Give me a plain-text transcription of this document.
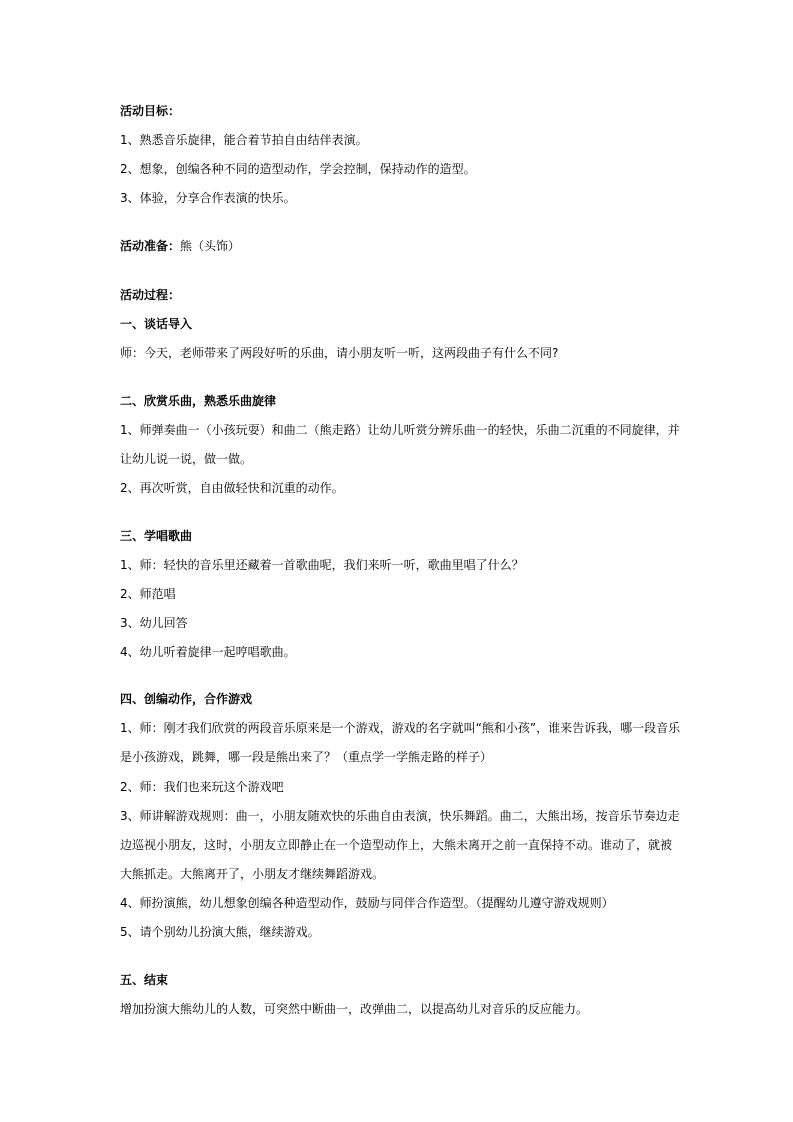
活动目标：
1、熟悉音乐旋律，能合着节拍自由结伴表演。
2、想象，创编各种不同的造型动作，学会控制，保持动作的造型。
3、体验，分享合作表演的快乐。
活动准备：熊（头饰）
活动过程：
一、谈话导入
师：今天，老师带来了两段好听的乐曲，请小朋友听一听，这两段曲子有什么不同?
二、欣赏乐曲，熟悉乐曲旋律
1、师弹奏曲一（小孩玩耍）和曲二（熊走路）让幼儿听赏分辨乐曲一的轻快，乐曲二沉重的不同旋律，并
让幼儿说一说，做一做。
2、再次听赏，自由做轻快和沉重的动作。
三、学唱歌曲
1、师：轻快的音乐里还藏着一首歌曲呢，我们来听一听，歌曲里唱了什么？
2、师范唱
3、幼儿回答
4、幼儿听着旋律一起哼唱歌曲。
四、创编动作，合作游戏
1、师：刚才我们欣赏的两段音乐原来是一个游戏，游戏的名字就叫“熊和小孩”，谁来告诉我，哪一段音乐
是小孩游戏，跳舞，哪一段是熊出来了？（重点学一学熊走路的样子）
2、师：我们也来玩这个游戏吧
3、师讲解游戏规则：曲一，小朋友随欢快的乐曲自由表演，快乐舞蹈。曲二，大熊出场，按音乐节奏边走
边巡视小朋友，这时，小朋友立即静止在一个造型动作上，大熊未离开之前一直保持不动。谁动了，就被
大熊抓走。大熊离开了，小朋友才继续舞蹈游戏。
4、师扮演熊，幼儿想象创编各种造型动作，鼓励与同伴合作造型。（提醒幼儿遵守游戏规则）
5、请个别幼儿扮演大熊，继续游戏。
五、结束
增加扮演大熊幼儿的人数，可突然中断曲一，改弹曲二，以提高幼儿对音乐的反应能力。
